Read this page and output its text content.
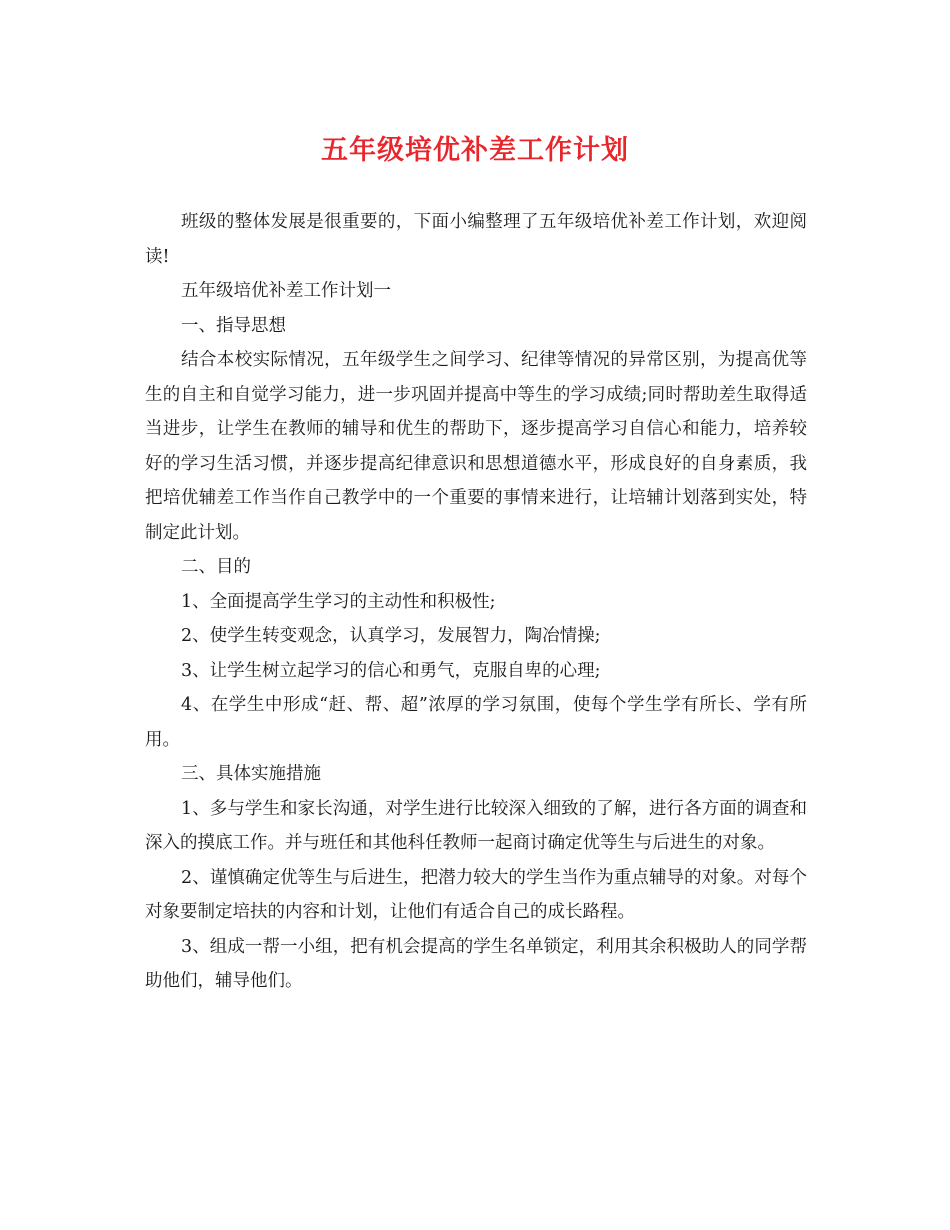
五年级培优补差工作计划

班级的整体发展是很重要的，下面小编整理了五年级培优补差工作计划，欢迎阅读!

五年级培优补差工作计划一

一、指导思想

结合本校实际情况，五年级学生之间学习、纪律等情况的异常区别，为提高优等生的自主和自觉学习能力，进一步巩固并提高中等生的学习成绩;同时帮助差生取得适当进步，让学生在教师的辅导和优生的帮助下，逐步提高学习自信心和能力，培养较好的学习生活习惯，并逐步提高纪律意识和思想道德水平，形成良好的自身素质，我把培优辅差工作当作自己教学中的一个重要的事情来进行，让培辅计划落到实处，特制定此计划。

二、目的

1、全面提高学生学习的主动性和积极性;

2、使学生转变观念，认真学习，发展智力，陶冶情操;

3、让学生树立起学习的信心和勇气，克服自卑的心理;

4、在学生中形成“赶、帮、超”浓厚的学习氛围，使每个学生学有所长、学有所用。

三、具体实施措施

1、多与学生和家长沟通，对学生进行比较深入细致的了解，进行各方面的调查和深入的摸底工作。并与班任和其他科任教师一起商讨确定优等生与后进生的对象。

2、谨慎确定优等生与后进生，把潜力较大的学生当作为重点辅导的对象。对每个对象要制定培扶的内容和计划，让他们有适合自己的成长路程。

3、组成一帮一小组，把有机会提高的学生名单锁定，利用其余积极助人的同学帮助他们，辅导他们。
